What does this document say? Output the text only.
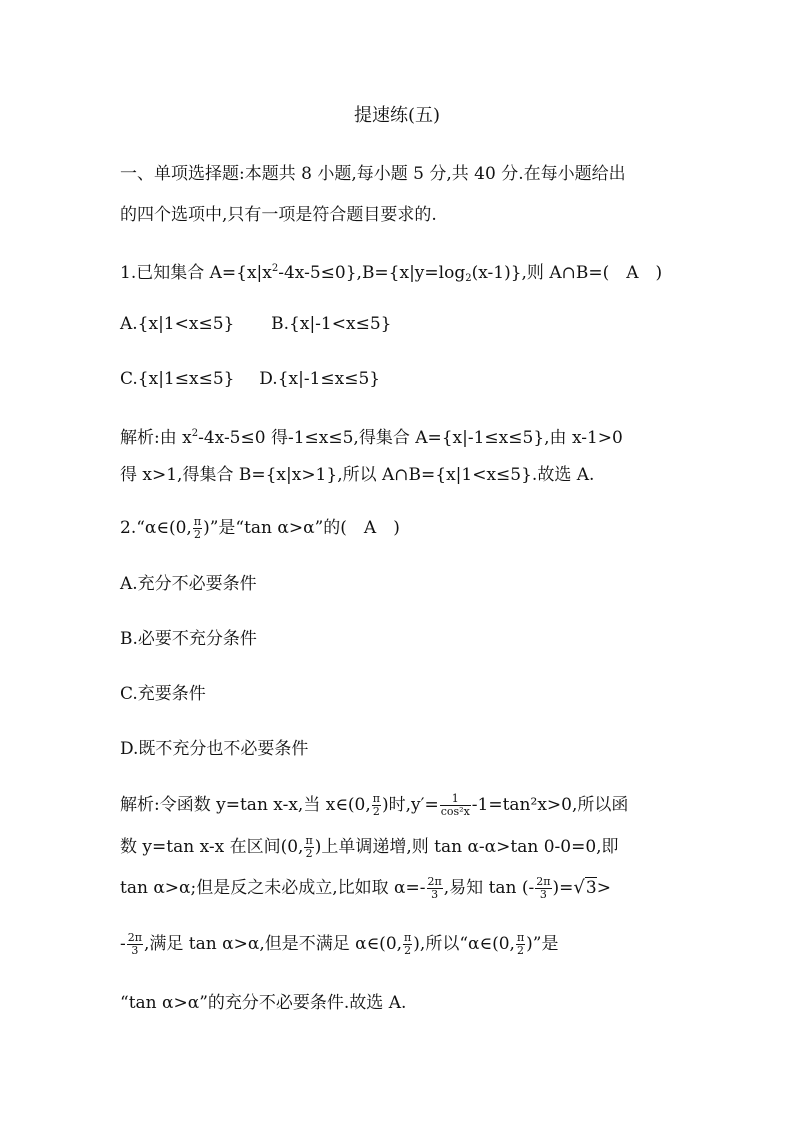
提速练(五)
一、单项选择题:本题共 8 小题,每小题 5 分,共 40 分.在每小题给出
的四个选项中,只有一项是符合题目要求的.
1.已知集合 $A=\{x|x^2-4x-5\le 0\},B=\{x|y=\log_2(x-1)\}$,则 A∩B=(　A　)
A.{x|1<x≤5} B.{x|-1<x≤5}
C.{x|1≤x≤5} D.{x|-1≤x≤5}
解析:由 $x^2-4x-5\le 0$ 得-1≤x≤5,得集合 A={x|-1≤x≤5},由 x-1>0
得 x>1,得集合 B={x|x>1},所以 A∩B={x|1<x≤5}.故选 A.
2.“α∈(0, $\frac{\pi}{2}$ )”是“tan α>α”的(　A　)
A.充分不必要条件
B.必要不充分条件
C.充要条件
D.既不充分也不必要条件
解析:令函数 y=tan x-x,当 x∈(0, $\frac{\pi}{2}$ )时$,y'= \frac{1}{\text{cos²x}} -1=\tan^2x>0$,所以函
数 y=tan x-x 在区间(0, $\frac{\pi}{2}$ )上单调递增,则 tan α-α>tan 0-0=0,即
tan α>α;但是反之未必成立,比如取 $\alpha=- \frac{2\pi}{3}$ ,易知 tan (- $\frac{2\pi}{3} )=√3>$
- $\frac{2\pi}{3}$ ,满足 tan α>α,但是不满足 α∈(0, $\frac{\pi}{2}$ ),所以“α∈(0, $\frac{\pi}{2}$ )”是
“tan α>α”的充分不必要条件.故选 A.
